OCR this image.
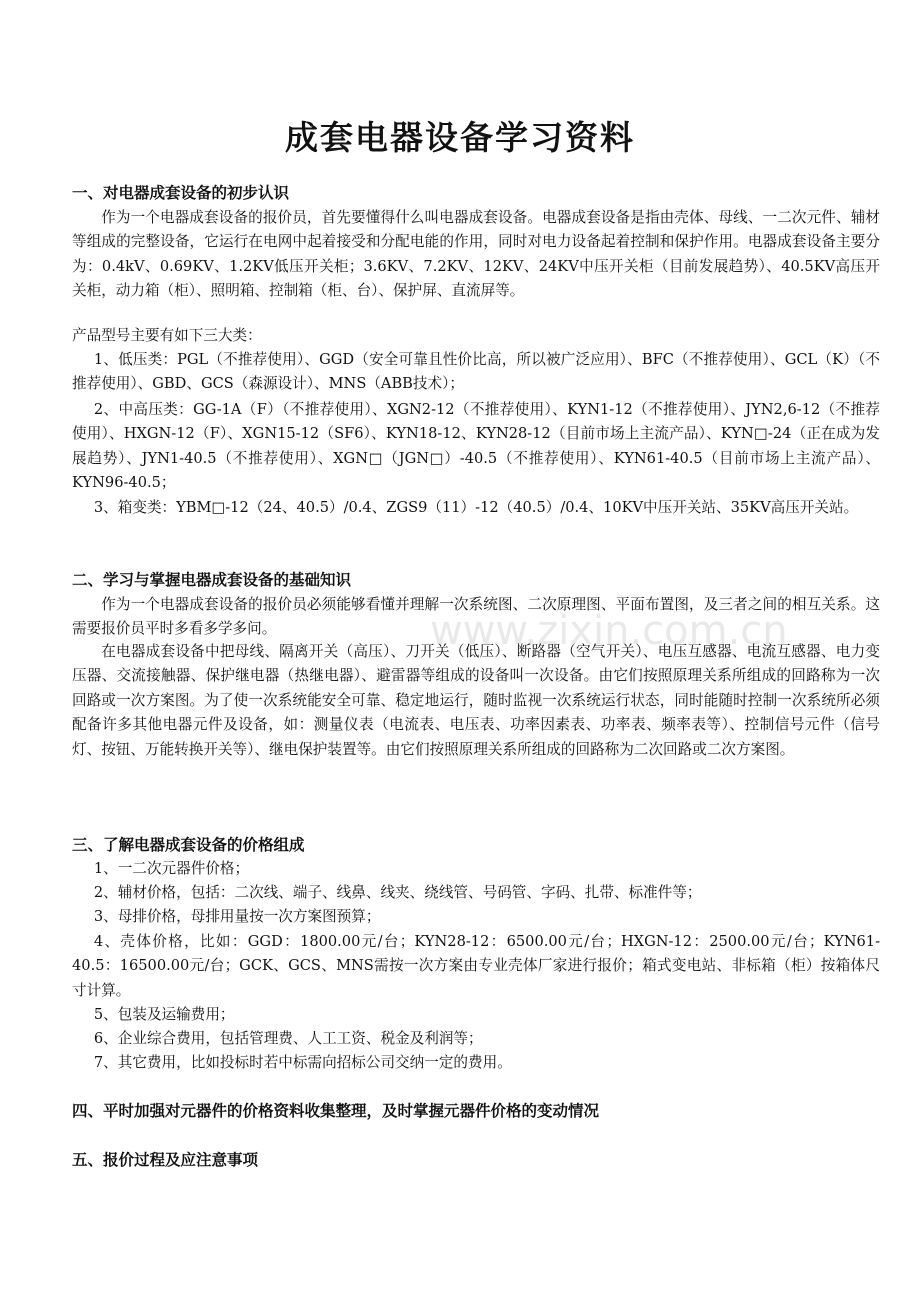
www.zixin.com.cn
成套电器设备学习资料
一、对电器成套设备的初步认识

作为一个电器成套设备的报价员，首先要懂得什么叫电器成套设备。电器成套设备是指由壳体、母线、一二次元件、辅材等组成的完整设备，它运行在电网中起着接受和分配电能的作用，同时对电力设备起着控制和保护作用。电器成套设备主要分为：0.4kV、0.69KV、1.2KV低压开关柜；3.6KV、7.2KV、12KV、24KV中压开关柜（目前发展趋势）、40.5KV高压开关柜，动力箱（柜）、照明箱、控制箱（柜、台）、保护屏、直流屏等。

产品型号主要有如下三大类：

1、低压类：PGL（不推荐使用）、GGD（安全可靠且性价比高，所以被广泛应用）、BFC（不推荐使用）、GCL（K）（不推荐使用）、GBD、GCS（森源设计）、MNS（ABB技术）；

2、中高压类：GG-1A（F）（不推荐使用）、XGN2-12（不推荐使用）、KYN1-12（不推荐使用）、JYN2,6-12（不推荐使用）、HXGN-12（F）、XGN15-12（SF6）、KYN18-12、KYN28-12（目前市场上主流产品）、KYN□-24（正在成为发展趋势）、JYN1-40.5（不推荐使用）、XGN□（JGN□）-40.5（不推荐使用）、KYN61-40.5（目前市场上主流产品）、KYN96-40.5；

3、箱变类：YBM□-12（24、40.5）/0.4、ZGS9（11）-12（40.5）/0.4、10KV中压开关站、35KV高压开关站。

二、学习与掌握电器成套设备的基础知识

作为一个电器成套设备的报价员必须能够看懂并理解一次系统图、二次原理图、平面布置图，及三者之间的相互关系。这需要报价员平时多看多学多问。

在电器成套设备中把母线、隔离开关（高压）、刀开关（低压）、断路器（空气开关）、电压互感器、电流互感器、电力变压器、交流接触器、保护继电器（热继电器）、避雷器等组成的设备叫一次设备。由它们按照原理关系所组成的回路称为一次回路或一次方案图。为了使一次系统能安全可靠、稳定地运行，随时监视一次系统运行状态，同时能随时控制一次系统所必须配备许多其他电器元件及设备，如：测量仪表（电流表、电压表、功率因素表、功率表、频率表等）、控制信号元件（信号灯、按钮、万能转换开关等）、继电保护装置等。由它们按照原理关系所组成的回路称为二次回路或二次方案图。

三、了解电器成套设备的价格组成

1、一二次元器件价格；

2、辅材价格，包括：二次线、端子、线鼻、线夹、绕线管、号码管、字码、扎带、标准件等；

3、母排价格，母排用量按一次方案图预算；

4、壳体价格，比如：GGD：1800.00元/台；KYN28-12：6500.00元/台；HXGN-12：2500.00元/台；KYN61-40.5：16500.00元/台；GCK、GCS、MNS需按一次方案由专业壳体厂家进行报价；箱式变电站、非标箱（柜）按箱体尺寸计算。

5、包装及运输费用；

6、企业综合费用，包括管理费、人工工资、税金及利润等；

7、其它费用，比如投标时若中标需向招标公司交纳一定的费用。

四、平时加强对元器件的价格资料收集整理，及时掌握元器件价格的变动情况
五、报价过程及应注意事项
